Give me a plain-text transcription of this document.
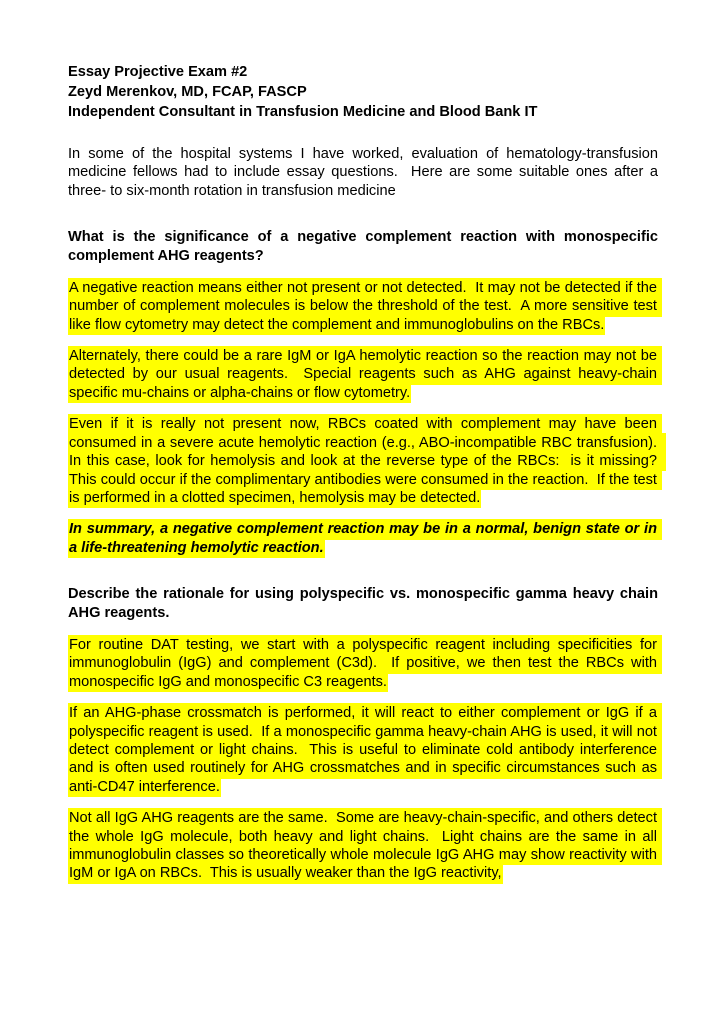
Essay Projective Exam #2
Zeyd Merenkov, MD, FCAP, FASCP
Independent Consultant in Transfusion Medicine and Blood Bank IT

In some of the hospital systems I have worked, evaluation of hematology-transfusion medicine fellows had to include essay questions.  Here are some suitable ones after a three- to six-month rotation in transfusion medicine

What is the significance of a negative complement reaction with monospecific complement AHG reagents?

A negative reaction means either not present or not detected.  It may not be detected if the number of complement molecules is below the threshold of the test.  A more sensitive test like flow cytometry may detect the complement and immunoglobulins on the RBCs.

Alternately, there could be a rare IgM or IgA hemolytic reaction so the reaction may not be detected by our usual reagents.  Special reagents such as AHG against heavy-chain specific mu-chains or alpha-chains or flow cytometry.

Even if it is really not present now, RBCs coated with complement may have been consumed in a severe acute hemolytic reaction (e.g., ABO-incompatible RBC transfusion).  In this case, look for hemolysis and look at the reverse type of the RBCs:  is it missing?  This could occur if the complimentary antibodies were consumed in the reaction.  If the test is performed in a clotted specimen, hemolysis may be detected.

In summary, a negative complement reaction may be in a normal, benign state or in a life-threatening hemolytic reaction.

Describe the rationale for using polyspecific vs. monospecific gamma heavy chain AHG reagents.

For routine DAT testing, we start with a polyspecific reagent including specificities for immunoglobulin (IgG) and complement (C3d).  If positive, we then test the RBCs with monospecific IgG and monospecific C3 reagents.

If an AHG-phase crossmatch is performed, it will react to either complement or IgG if a polyspecific reagent is used.  If a monospecific gamma heavy-chain AHG is used, it will not detect complement or light chains.  This is useful to eliminate cold antibody interference and is often used routinely for AHG crossmatches and in specific circumstances such as anti-CD47 interference.

Not all IgG AHG reagents are the same.  Some are heavy-chain-specific, and others detect the whole IgG molecule, both heavy and light chains.  Light chains are the same in all immunoglobulin classes so theoretically whole molecule IgG AHG may show reactivity with IgM or IgA on RBCs.  This is usually weaker than the IgG reactivity,
